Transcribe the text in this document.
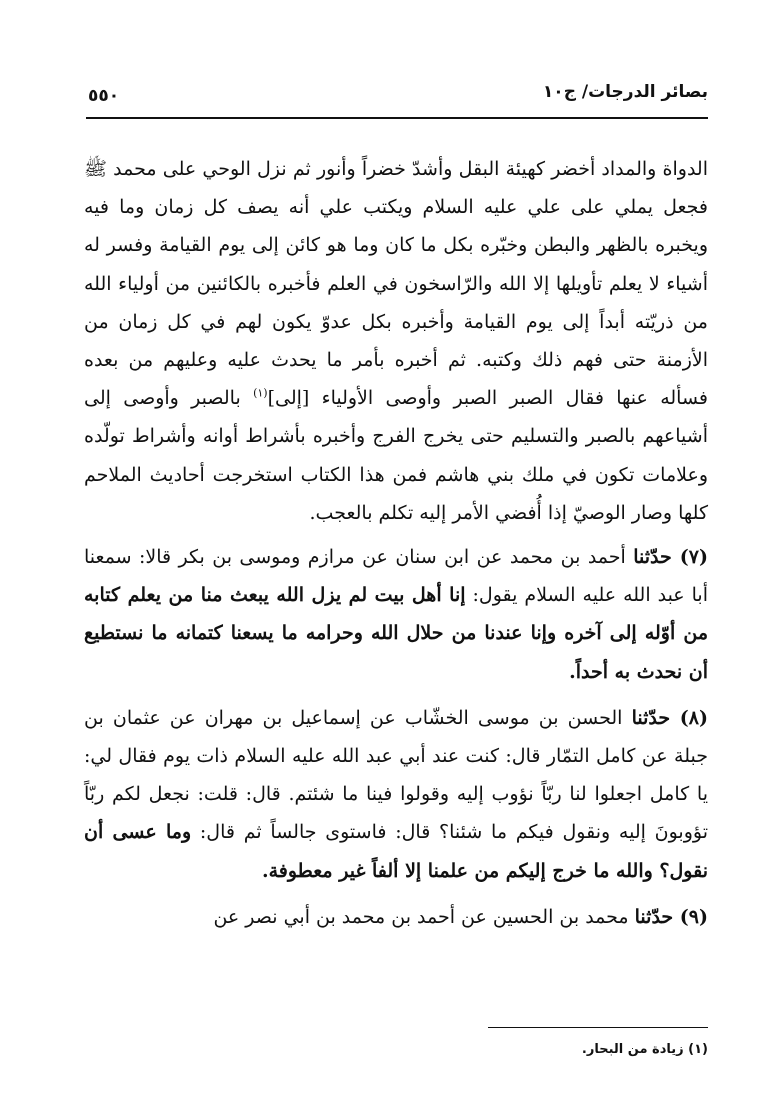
بصائر الدرجات/ ج١٠
٥٥٠

الدواة والمداد أخضر كهيئة البقل وأشدّ خضراً وأنور ثم نزل الوحي على محمد ﷺ فجعل يملي على علي عليه السلام ويكتب علي أنه يصف كل زمان وما فيه ويخبره بالظهر والبطن وخبّره بكل ما كان وما هو كائن إلى يوم القيامة وفسر له أشياء لا يعلم تأويلها إلا الله والرّاسخون في العلم فأخبره بالكائنين من أولياء الله من ذريّته أبداً إلى يوم القيامة وأخبره بكل عدوّ يكون لهم في كل زمان من الأزمنة حتى فهم ذلك وكتبه. ثم أخبره بأمر ما يحدث عليه وعليهم من بعده فسأله عنها فقال الصبر الصبر وأوصى الأولياء [إلى]$^{(١)}$ بالصبر وأوصى إلى أشياعهم بالصبر والتسليم حتى يخرج الفرج وأخبره بأشراط أوانه وأشراط تولّده وعلامات تكون في ملك بني هاشم فمن هذا الكتاب استخرجت أحاديث الملاحم كلها وصار الوصيّ إذا أُفضي الأمر إليه تكلم بالعجب.

(٧) حدّثنا أحمد بن محمد عن ابن سنان عن مرازم وموسى بن بكر قالا: سمعنا أبا عبد الله عليه السلام يقول: إنا أهل بيت لم يزل الله يبعث منا من يعلم كتابه من أوّله إلى آخره وإنا عندنا من حلال الله وحرامه ما يسعنا كتمانه ما نستطيع أن نحدث به أحداً.

(٨) حدّثنا الحسن بن موسى الخشّاب عن إسماعيل بن مهران عن عثمان بن جبلة عن كامل التمّار قال: كنت عند أبي عبد الله عليه السلام ذات يوم فقال لي: يا كامل اجعلوا لنا ربّاً نؤوب إليه وقولوا فينا ما شئتم. قال: قلت: نجعل لكم ربّاً تؤوبونَ إليه ونقول فيكم ما شئنا؟ قال: فاستوى جالساً ثم قال: وما عسى أن نقول؟ والله ما خرج إليكم من علمنا إلا ألفاً غير معطوفة.

(٩) حدّثنا محمد بن الحسين عن أحمد بن محمد بن أبي نصر عن

(١) زيادة من البحار.
